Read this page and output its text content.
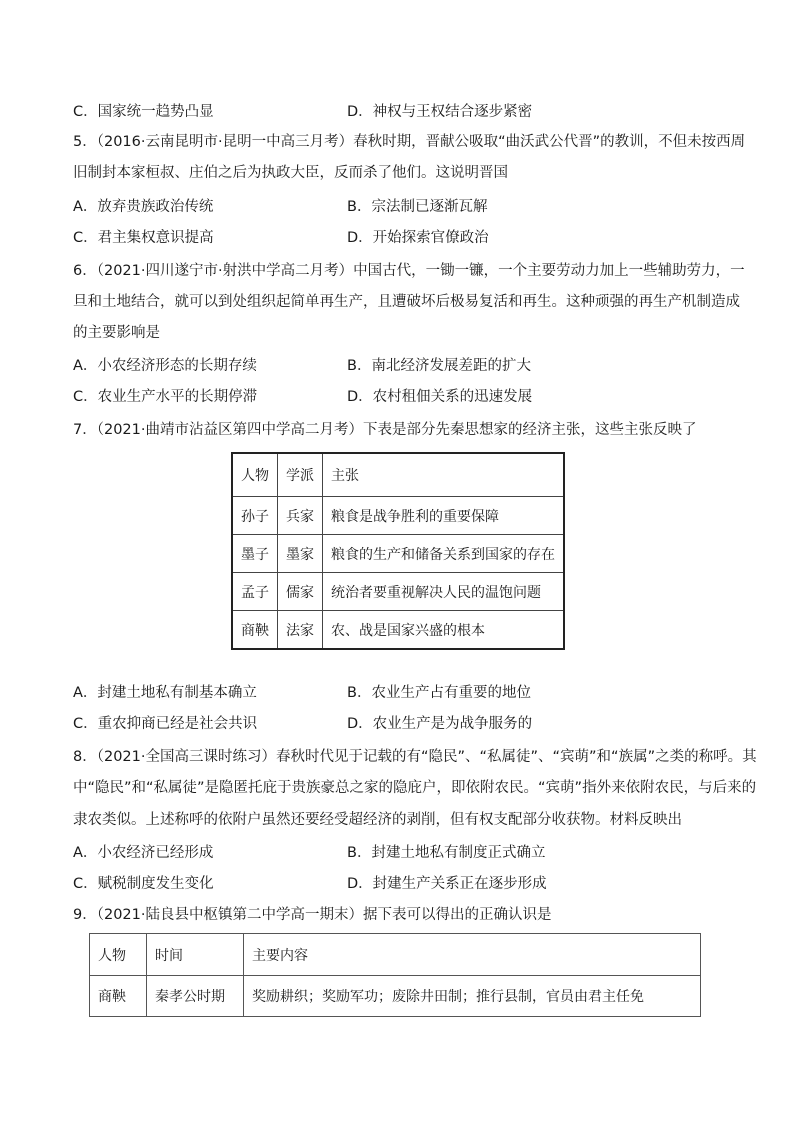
C．国家统一趋势凸显	D．神权与王权结合逐步紧密
5．（2016·云南昆明市·昆明一中高三月考）春秋时期，晋献公吸取“曲沃武公代晋”的教训，不但未按西周
旧制封本家桓叔、庄伯之后为执政大臣，反而杀了他们。这说明晋国
A．放弃贵族政治传统	B．宗法制已逐渐瓦解
C．君主集权意识提高	D．开始探索官僚政治
6．（2021·四川遂宁市·射洪中学高二月考）中国古代，一锄一镰，一个主要劳动力加上一些辅助劳力，一
旦和土地结合，就可以到处组织起简单再生产，且遭破坏后极易复活和再生。这种顽强的再生产机制造成
的主要影响是
A．小农经济形态的长期存续	B．南北经济发展差距的扩大
C．农业生产水平的长期停滞	D．农村租佃关系的迅速发展
7．（2021·曲靖市沾益区第四中学高二月考）下表是部分先秦思想家的经济主张，这些主张反映了
人物	学派	主张
孙子	兵家	粮食是战争胜利的重要保障
墨子	墨家	粮食的生产和储备关系到国家的存在
孟子	儒家	统治者要重视解决人民的温饱问题
商鞅	法家	农、战是国家兴盛的根本
A．封建土地私有制基本确立	B．农业生产占有重要的地位
C．重农抑商已经是社会共识	D．农业生产是为战争服务的
8．（2021·全国高三课时练习）春秋时代见于记载的有“隐民”、“私属徒”、“宾萌”和“族属”之类的称呼。其
中“隐民”和“私属徒”是隐匿托庇于贵族豪总之家的隐庇户，即依附农民。“宾萌”指外来依附农民，与后来的
隶农类似。上述称呼的依附户虽然还要经受超经济的剥削，但有权支配部分收获物。材料反映出
A．小农经济已经形成	B．封建土地私有制度正式确立
C．赋税制度发生变化	D．封建生产关系正在逐步形成
9．（2021·陆良县中枢镇第二中学高一期末）据下表可以得出的正确认识是
人物	时间	主要内容
商鞅	秦孝公时期	奖励耕织；奖励军功；废除井田制；推行县制，官员由君主任免
